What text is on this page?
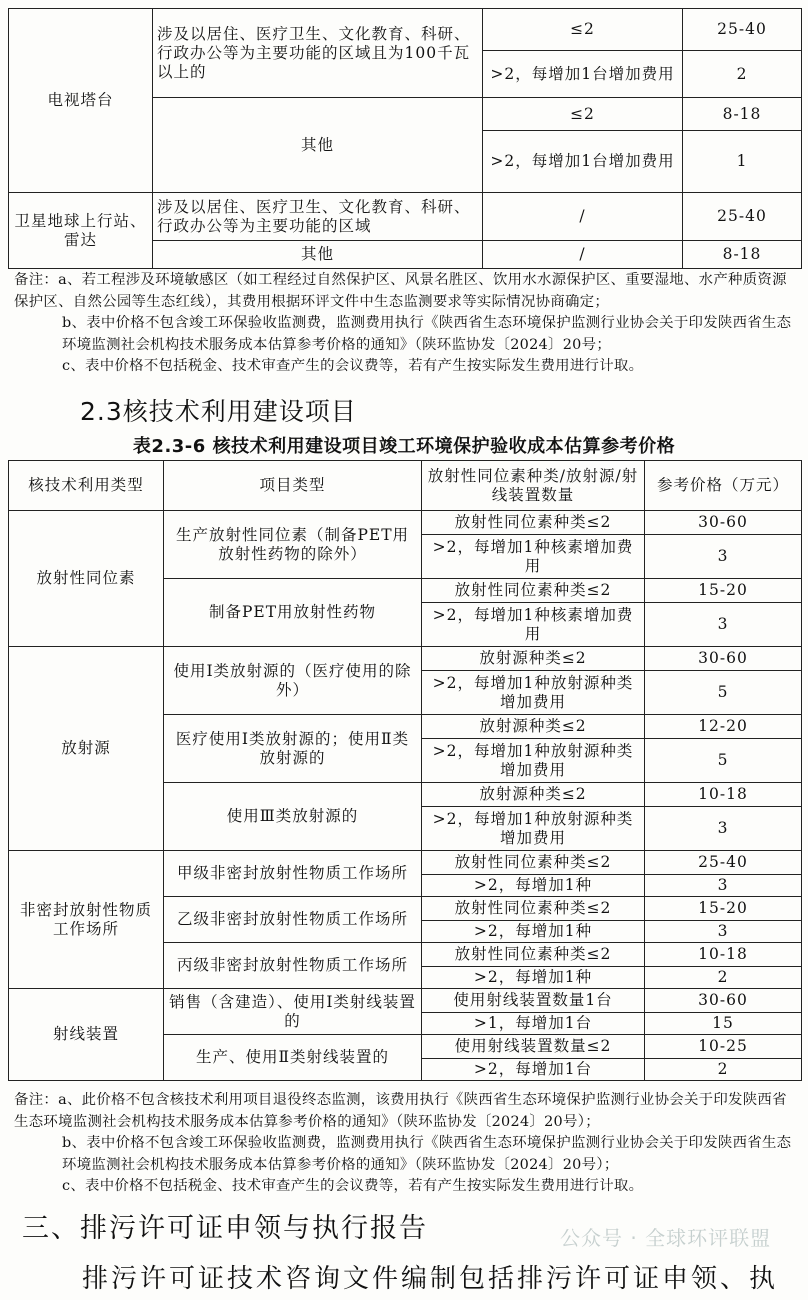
电视塔台	涉及以居住、医疗卫生、文化教育、科研、行政办公等为主要功能的区域且为100千瓦以上的	≤2	25-40
		>2，每增加1台增加费用	2
	其他	≤2	8-18
		>2，每增加1台增加费用	1
卫星地球上行站、雷达	涉及以居住、医疗卫生、文化教育、科研、行政办公等为主要功能的区域	/	25-40
	其他	/	8-18

备注：a、若工程涉及环境敏感区（如工程经过自然保护区、风景名胜区、饮用水水源保护区、重要湿地、水产种质资源保护区、自然公园等生态红线），其费用根据环评文件中生态监测要求等实际情况协商确定；

b、表中价格不包含竣工环保验收监测费，监测费用执行《陕西省生态环境保护监测行业协会关于印发陕西省生态环境监测社会机构技术服务成本估算参考价格的通知》（陕环监协发〔2024〕20号；

c、表中价格不包括税金、技术审查产生的会议费等，若有产生按实际发生费用进行计取。

2.3核技术利用建设项目
表2.3-6 核技术利用建设项目竣工环境保护验收成本估算参考价格
核技术利用类型	项目类型	放射性同位素种类/放射源/射线装置数量	参考价格（万元）
放射性同位素	生产放射性同位素（制备PET用放射性药物的除外）	放射性同位素种类≤2	30-60
		>2，每增加1种核素增加费用	3
	制备PET用放射性药物	放射性同位素种类≤2	15-20
		>2，每增加1种核素增加费用	3
放射源	使用Ⅰ类放射源的（医疗使用的除外）	放射源种类≤2	30-60
		>2，每增加1种放射源种类增加费用	5
	医疗使用Ⅰ类放射源的；使用Ⅱ类放射源的	放射源种类≤2	12-20
		>2，每增加1种放射源种类增加费用	5
	使用Ⅲ类放射源的	放射源种类≤2	10-18
		>2，每增加1种放射源种类增加费用	3
非密封放射性物质工作场所	甲级非密封放射性物质工作场所	放射性同位素种类≤2	25-40
		>2，每增加1种	3
	乙级非密封放射性物质工作场所	放射性同位素种类≤2	15-20
		>2，每增加1种	3
	丙级非密封放射性物质工作场所	放射性同位素种类≤2	10-18
		>2，每增加1种	2
射线装置	销售（含建造）、使用Ⅰ类射线装置的	使用射线装置数量1台	30-60
		>1，每增加1台	15
	生产、使用Ⅱ类射线装置的	使用射线装置数量≤2	10-25
		>2，每增加1台	2

备注：a、此价格不包含核技术利用项目退役终态监测，该费用执行《陕西省生态环境保护监测行业协会关于印发陕西省生态环境监测社会机构技术服务成本估算参考价格的通知》（陕环监协发〔2024〕20号）；

b、表中价格不包含竣工环保验收监测费，监测费用执行《陕西省生态环境保护监测行业协会关于印发陕西省生态环境监测社会机构技术服务成本估算参考价格的通知》（陕环监协发〔2024〕20号）；

c、表中价格不包括税金、技术审查产生的会议费等，若有产生按实际发生费用进行计取。

三、排污许可证申领与执行报告	公众号 · 全球环评联盟
排污许可证技术咨询文件编制包括排污许可证申领、执
